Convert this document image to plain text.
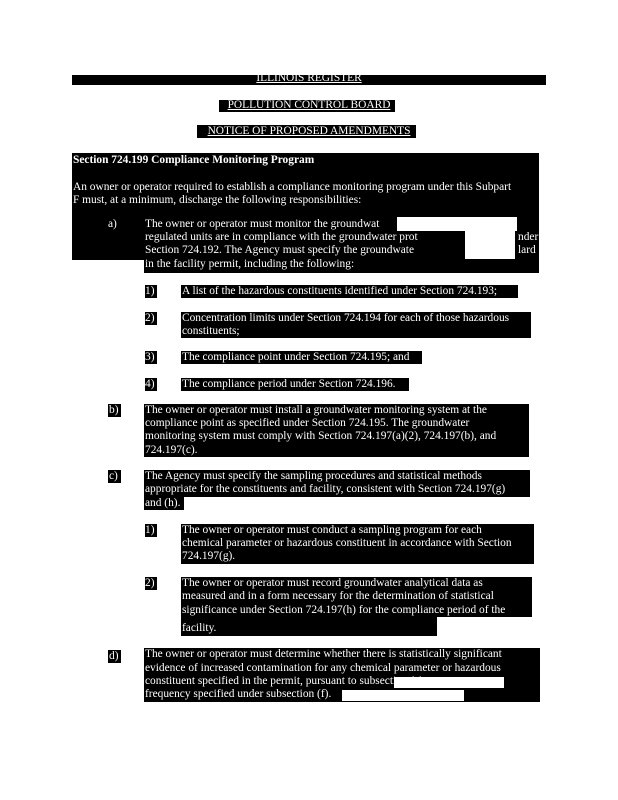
ILLINOIS REGISTER
POLLUTION CONTROL BOARD
NOTICE OF PROPOSED AMENDMENTS
Section 724.199 Compliance Monitoring Program
An owner or operator required to establish a compliance monitoring program under this Subpart
F must, at a minimum, discharge the following responsibilities:
a) The owner or operator must monitor the groundwat
regulated units are in compliance with the groundwater prot
Section 724.192. The Agency must specify the groundwate
in the facility permit, including the following:
nder
lard
1) A list of the hazardous constituents identified under Section 724.193;
2) Concentration limits under Section 724.194 for each of those hazardous
constituents;
3) The compliance point under Section 724.195; and
4) The compliance period under Section 724.196.
b) The owner or operator must install a groundwater monitoring system at the
compliance point as specified under Section 724.195. The groundwater
monitoring system must comply with Section 724.197(a)(2), 724.197(b), and
724.197(c).
c) The Agency must specify the sampling procedures and statistical methods
appropriate for the constituents and facility, consistent with Section 724.197(g)
and (h).
1) The owner or operator must conduct a sampling program for each
chemical parameter or hazardous constituent in accordance with Section
724.197(g).
2) The owner or operator must record groundwater analytical data as
measured and in a form necessary for the determination of statistical
significance under Section 724.197(h) for the compliance period of the
facility.
d) The owner or operator must determine whether there is statistically significant
evidence of increased contamination for any chemical parameter or hazardous
constituent specified in the permit, pursuant to subsection (e), at a
frequency specified under subsection (f).
